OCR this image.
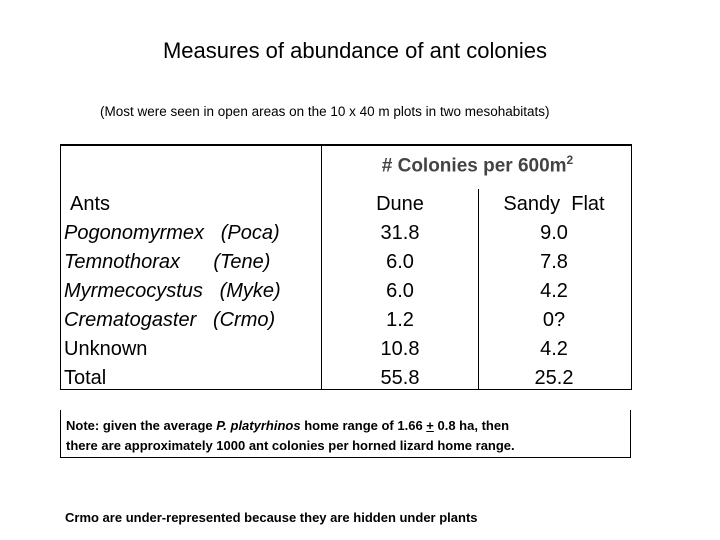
Measures of abundance of ant colonies
(Most were seen in open areas on the 10 x 40 m plots in two mesohabitats)
# Colonies per $600m^2$
Ants
Pogonomyrmex   (Poca)
Temnothorax      (Tene)
Myrmecocystus   (Myke)
Crematogaster   (Crmo)
Unknown
Total
Dune
31.8
6.0
6.0
1.2
10.8
55.8
Sandy  Flat
9.0
7.8
4.2
0?
4.2
25.2
Note: given the average P. platyrhinos home range of 1.66 + 0.8 ha, then
there are approximately 1000 ant colonies per horned lizard home range.
Crmo are under-represented because they are hidden under plants
